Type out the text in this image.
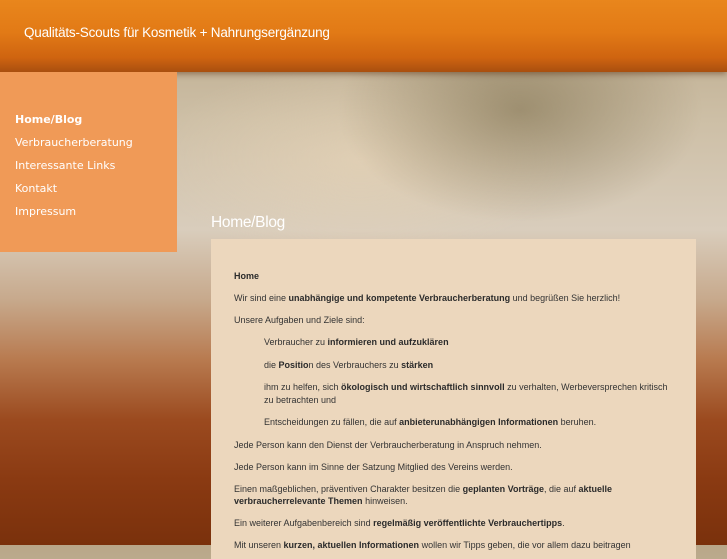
Qualitäts-Scouts für Kosmetik + Nahrungsergänzung
Home/Blog
Verbraucherberatung
Interessante Links
Kontakt
Impressum
Home/Blog

Home

Wir sind eine unabhängige und kompetente Verbraucherberatung und begrüßen Sie herzlich!

Unsere Aufgaben und Ziele sind:

Verbraucher zu informieren und aufzuklären

die Position des Verbrauchers zu stärken

ihm zu helfen, sich ökologisch und wirtschaftlich sinnvoll zu verhalten, Werbeversprechen kritisch zu betrachten und

Entscheidungen zu fällen, die auf anbieterunabhängigen Informationen beruhen.

Jede Person kann den Dienst der Verbraucherberatung in Anspruch nehmen.

Jede Person kann im Sinne der Satzung Mitglied des Vereins werden.

Einen maßgeblichen, präventiven Charakter besitzen die geplanten Vorträge, die auf aktuelle verbraucherrelevante Themen hinweisen.

Ein weiterer Aufgabenbereich sind regelmäßig veröffentlichte Verbrauchertipps.

Mit unseren kurzen, aktuellen Informationen wollen wir Tipps geben, die vor allem dazu beitragen
